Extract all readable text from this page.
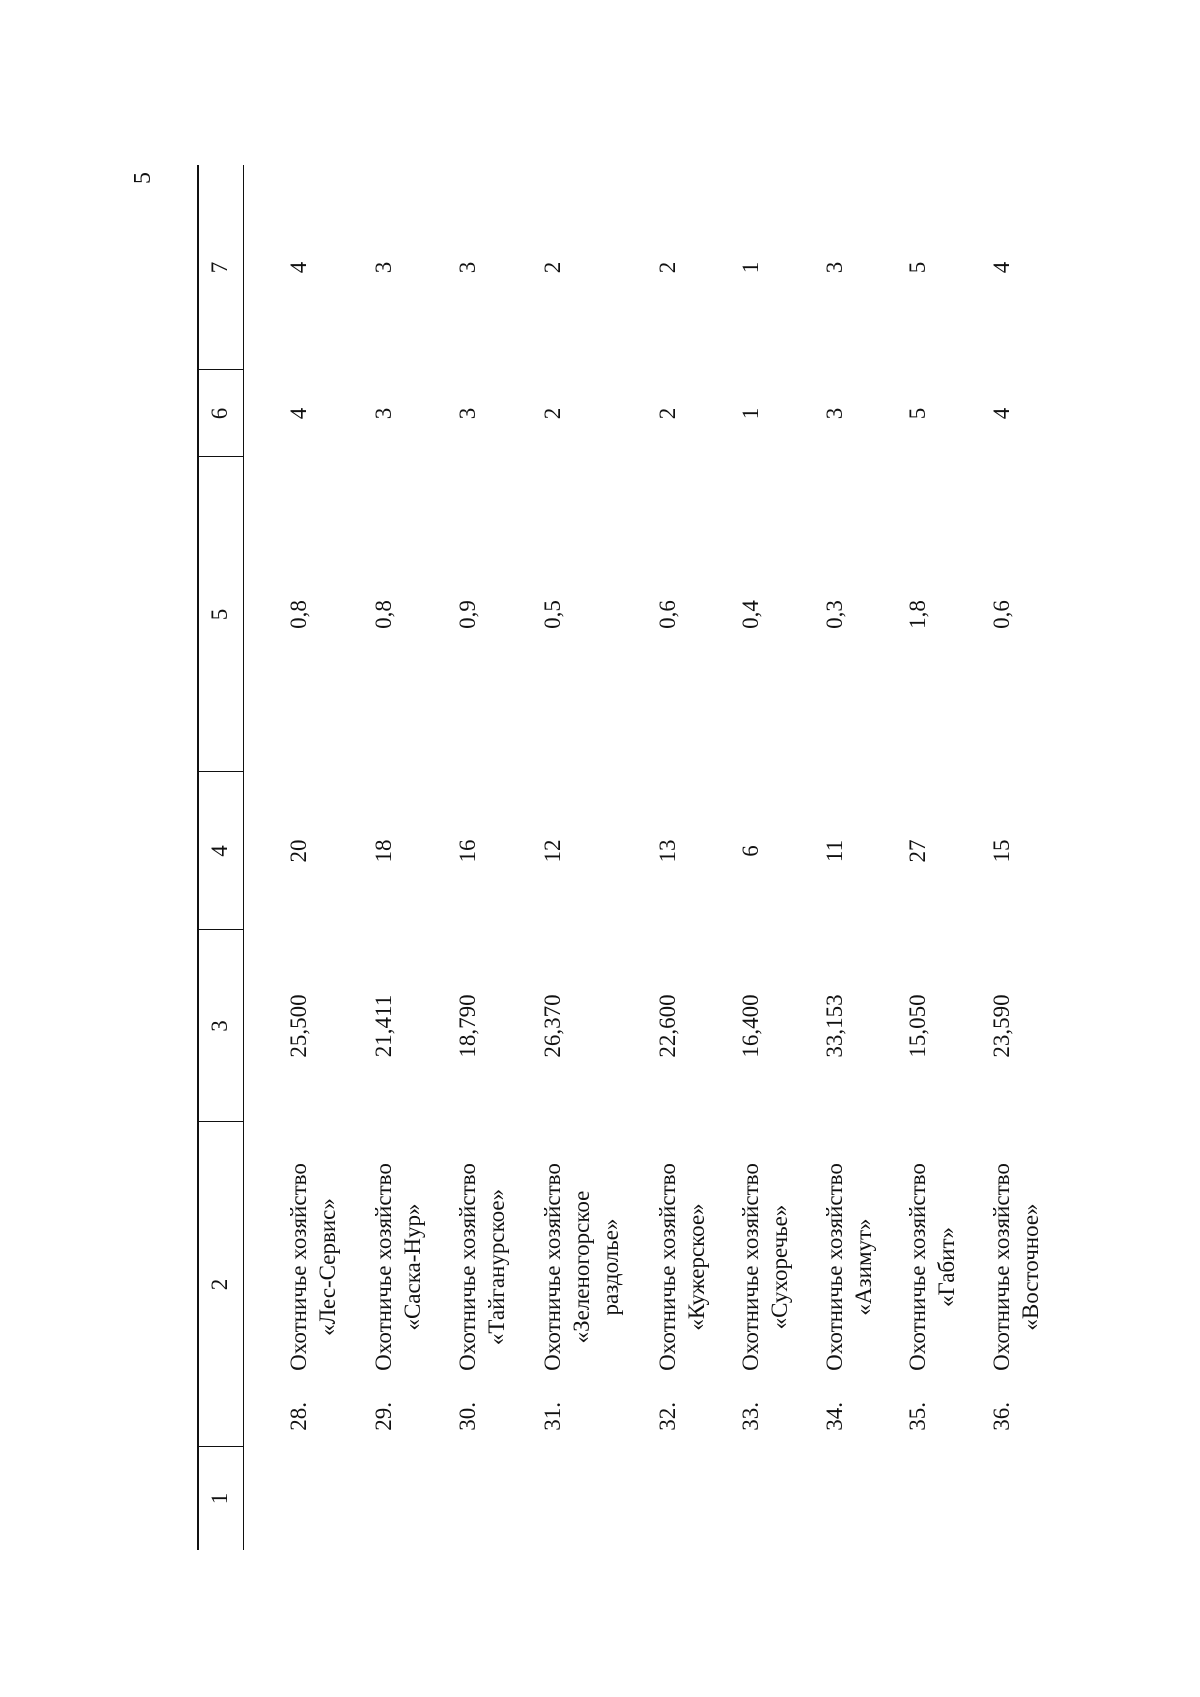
5
1
2
3
4
5
6
7
28.
Охотничье хозяйство «Лес-Сервис»
25,500
20
0,8
4
4
29.
Охотничье хозяйство «Саска-Нур»
21,411
18
0,8
3
3
30.
Охотничье хозяйство «Тайганурское»
18,790
16
0,9
3
3
31.
Охотничье хозяйство «Зеленогорское раздолье»
26,370
12
0,5
2
2
32.
Охотничье хозяйство «Кужерское»
22,600
13
0,6
2
2
33.
Охотничье хозяйство «Сухоречье»
16,400
6
0,4
1
1
34.
Охотничье хозяйство «Азимут»
33,153
11
0,3
3
3
35.
Охотничье хозяйство «Габит»
15,050
27
1,8
5
5
36.
Охотничье хозяйство «Восточное»
23,590
15
0,6
4
4
